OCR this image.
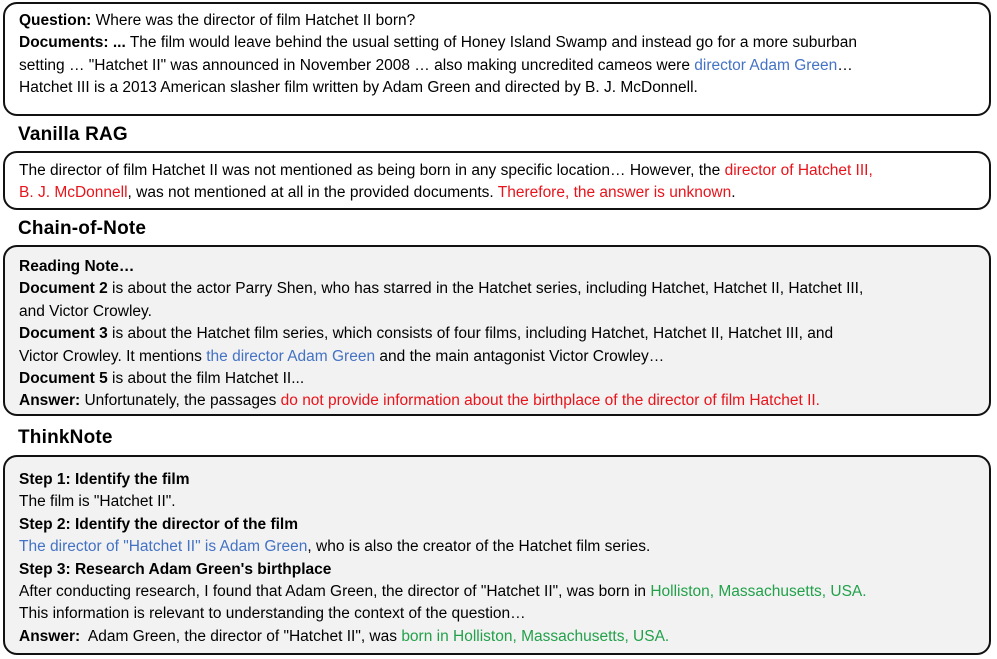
Question: Where was the director of film Hatchet II born?
Documents: ... The film would leave behind the usual setting of Honey Island Swamp and instead go for a more suburban
setting … "Hatchet II" was announced in November 2008 … also making uncredited cameos were director Adam Green…
Hatchet III is a 2013 American slasher film written by Adam Green and directed by B. J. McDonnell.
Vanilla RAG
The director of film Hatchet II was not mentioned as being born in any specific location… However, the director of Hatchet III,
B. J. McDonnell, was not mentioned at all in the provided documents. Therefore, the answer is unknown.
Chain-of-Note
Reading Note…
Document 2 is about the actor Parry Shen, who has starred in the Hatchet series, including Hatchet, Hatchet II, Hatchet III,
and Victor Crowley.
Document 3 is about the Hatchet film series, which consists of four films, including Hatchet, Hatchet II, Hatchet III, and
Victor Crowley. It mentions the director Adam Green and the main antagonist Victor Crowley…
Document 5 is about the film Hatchet II...
Answer: Unfortunately, the passages do not provide information about the birthplace of the director of film Hatchet II.
ThinkNote
Step 1: Identify the film
The film is "Hatchet II".
Step 2: Identify the director of the film
The director of "Hatchet II" is Adam Green, who is also the creator of the Hatchet film series.
Step 3: Research Adam Green's birthplace
After conducting research, I found that Adam Green, the director of "Hatchet II", was born in Holliston, Massachusetts, USA.
This information is relevant to understanding the context of the question…
Answer:  Adam Green, the director of "Hatchet II", was born in Holliston, Massachusetts, USA.
